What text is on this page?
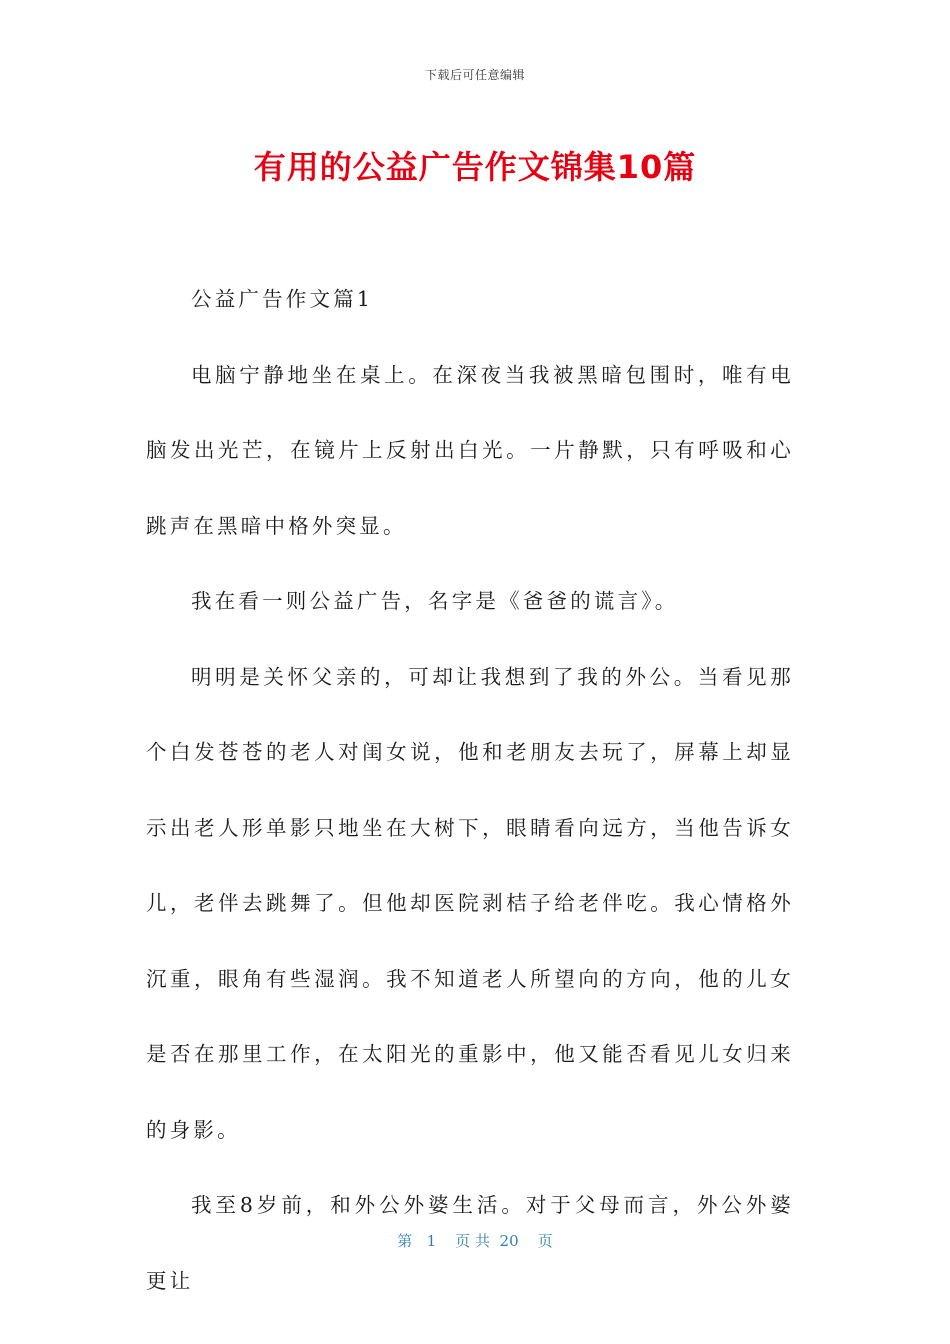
下载后可任意编辑
有用的公益广告作文锦集10篇

公益广告作文篇1

电脑宁静地坐在桌上。在深夜当我被黑暗包围时，唯有电脑发出光芒，在镜片上反射出白光。一片静默，只有呼吸和心跳声在黑暗中格外突显。

我在看一则公益广告，名字是《爸爸的谎言》。

明明是关怀父亲的，可却让我想到了我的外公。当看见那个白发苍苍的老人对闺女说，他和老朋友去玩了，屏幕上却显示出老人形单影只地坐在大树下，眼睛看向远方，当他告诉女儿，老伴去跳舞了。但他却医院剥桔子给老伴吃。我心情格外沉重，眼角有些湿润。我不知道老人所望向的方向，他的儿女是否在那里工作，在太阳光的重影中，他又能否看见儿女归来的身影。

我至8岁前，和外公外婆生活。对于父母而言，外公外婆更让

第 1 页 共 20 页
